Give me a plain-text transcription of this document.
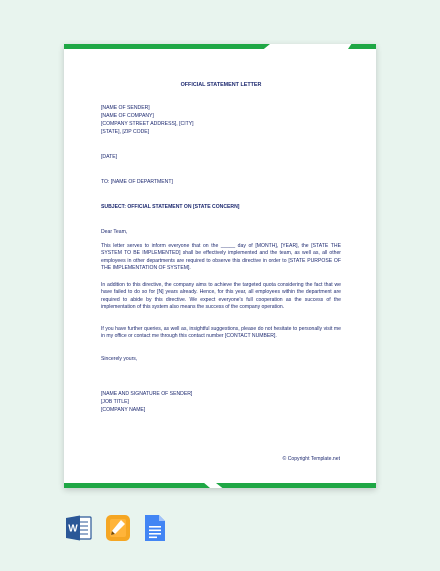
OFFICIAL STATEMENT LETTER
[NAME OF SENDER]
[NAME OF COMPANY]
[COMPANY STREET ADDRESS], [CITY]
[STATE], [ZIP CODE]
[DATE]
TO: [NAME OF DEPARTMENT]
SUBJECT: OFFICIAL STATEMENT ON [STATE CONCERN]
Dear Team,
This letter serves to inform everyone that on the _____ day of [MONTH], [YEAR], the [STATE THE SYSTEM TO BE IMPLEMENTED] shall be effectively implemented and the team, as well as, all other employees in other departments are required to observe this directive in order to [STATE PURPOSE OF THE IMPLEMENTATION OF SYSTEM].
In addition to this directive, the company aims to achieve the targeted quota considering the fact that we have failed to do so for [N] years already. Hence, for this year, all employees within the department are required to abide by this directive. We expect everyone's full cooperation as the success of the implementation of this system also means the success of the company operation.
If you have further queries, as well as, insightful suggestions, please do not hesitate to personally visit me in my office or contact me through this contact number [CONTACT NUMBER].
Sincerely yours,
[NAME AND SIGNATURE OF SENDER]
[JOB TITLE]
[COMPANY NAME]
© Copyright Template.net
W
